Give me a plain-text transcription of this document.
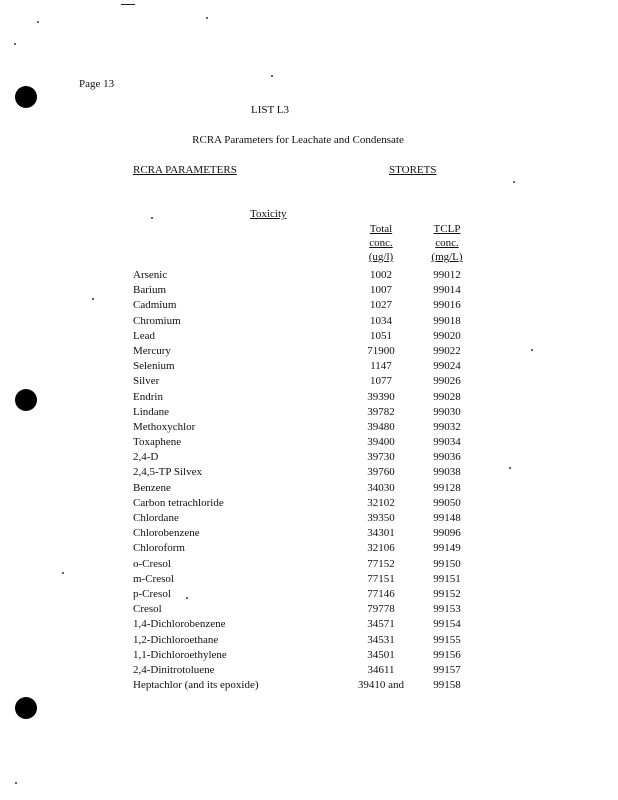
Page 13
LIST L3
RCRA Parameters for Leachate and Condensate
RCRA PARAMETERS	STORETS
Toxicity
Total
conc.
(ug/l)
TCLP
conc.
(mg/L)
Arsenic	1002	99012
Barium	1007	99014
Cadmium	1027	99016
Chromium	1034	99018
Lead	1051	99020
Mercury	71900	99022
Selenium	1147	99024
Silver	1077	99026
Endrin	39390	99028
Lindane	39782	99030
Methoxychlor	39480	99032
Toxaphene	39400	99034
2,4-D	39730	99036
2,4,5-TP Silvex	39760	99038
Benzene	34030	99128
Carbon tetrachloride	32102	99050
Chlordane	39350	99148
Chlorobenzene	34301	99096
Chloroform	32106	99149
o-Cresol	77152	99150
m-Cresol	77151	99151
p-Cresol	77146	99152
Cresol	79778	99153
1,4-Dichlorobenzene	34571	99154
1,2-Dichloroethane	34531	99155
1,1-Dichloroethylene	34501	99156
2,4-Dinitrotoluene	34611	99157
Heptachlor (and its epoxide)	39410 and	99158
